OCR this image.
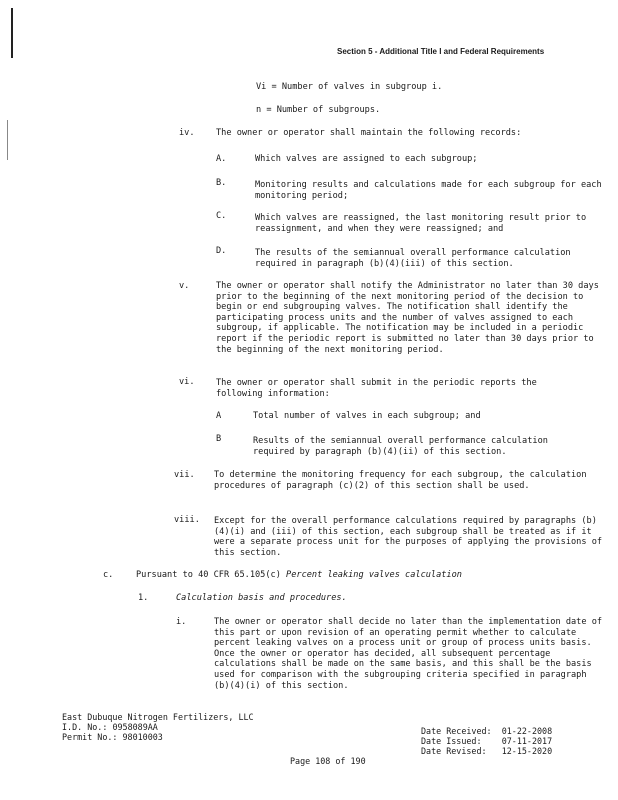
Section 5 - Additional Title I and Federal Requirements
Vi = Number of valves in subgroup i.
n = Number of subgroups.
iv. The owner or operator shall maintain the following records:
A.	Which valves are assigned to each subgroup;
B.	Monitoring results and calculations made for each subgroup for each monitoring period;
C.	Which valves are reassigned, the last monitoring result prior to reassignment, and when they were reassigned; and
D.	The results of the semiannual overall performance calculation required in paragraph (b)(4)(iii) of this section.
v.	The owner or operator shall notify the Administrator no later than 30 days prior to the beginning of the next monitoring period of the decision to begin or end subgrouping valves. The notification shall identify the participating process units and the number of valves assigned to each subgroup, if applicable. The notification may be included in a periodic report if the periodic report is submitted no later than 30 days prior to the beginning of the next monitoring period.
vi. The owner or operator shall submit in the periodic reports the following information:
A	Total number of valves in each subgroup; and
B	Results of the semiannual overall performance calculation required by paragraph (b)(4)(ii) of this section.
vii. To determine the monitoring frequency for each subgroup, the calculation procedures of paragraph (c)(2) of this section shall be used.
viii. Except for the overall performance calculations required by paragraphs (b)(4)(i) and (iii) of this section, each subgroup shall be treated as if it were a separate process unit for the purposes of applying the provisions of this section.
c.	Pursuant to 40 CFR 65.105(c) Percent leaking valves calculation
1.	Calculation basis and procedures.
i.	The owner or operator shall decide no later than the implementation date of this part or upon revision of an operating permit whether to calculate percent leaking valves on a process unit or group of process units basis. Once the owner or operator has decided, all subsequent percentage calculations shall be made on the same basis, and this shall be the basis used for comparison with the subgrouping criteria specified in paragraph (b)(4)(i) of this section.
East Dubuque Nitrogen Fertilizers, LLC
I.D. No.: 0958089AA
Permit No.: 98010003
Date Received: 01-22-2008
Date Issued: 07-11-2017
Date Revised: 12-15-2020
Page 108 of 190
